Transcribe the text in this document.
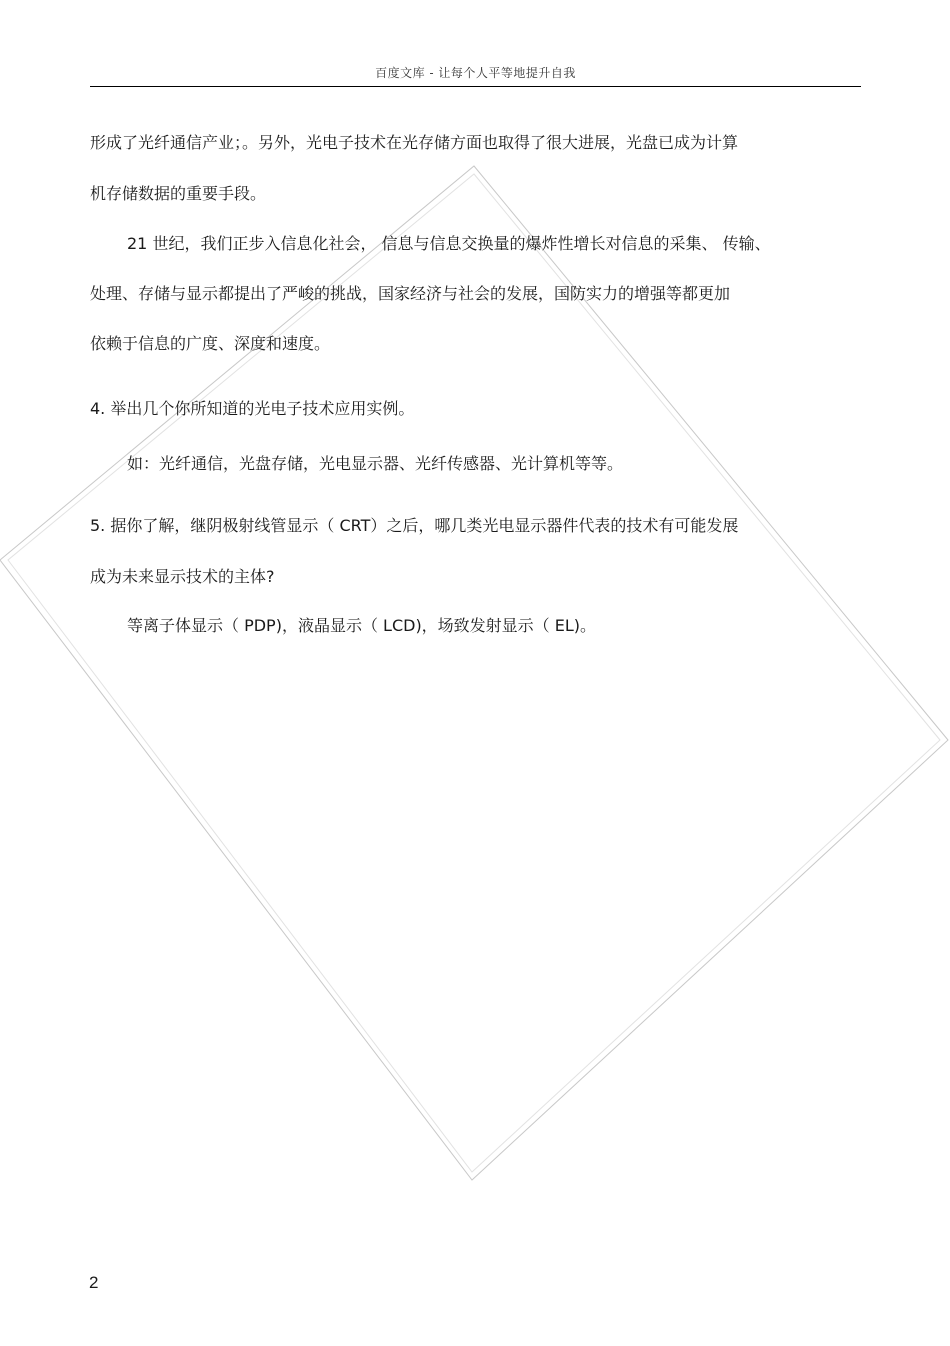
百度文库 - 让每个人平等地提升自我
形成了光纤通信产业；。另外，光电子技术在光存储方面也取得了很大进展，光盘已成为计算
机存储数据的重要手段。
21 世纪，我们正步入信息化社会， 信息与信息交换量的爆炸性增长对信息的采集、 传输、
处理、存储与显示都提出了严峻的挑战，国家经济与社会的发展，国防实力的增强等都更加
依赖于信息的广度、深度和速度。
4. 举出几个你所知道的光电子技术应用实例。
如：光纤通信，光盘存储，光电显示器、光纤传感器、光计算机等等。
5. 据你了解，继阴极射线管显示（ CRT）之后，哪几类光电显示器件代表的技术有可能发展
成为未来显示技术的主体?
等离子体显示（ PDP)，液晶显示（ LCD)，场致发射显示（ EL)。
2
